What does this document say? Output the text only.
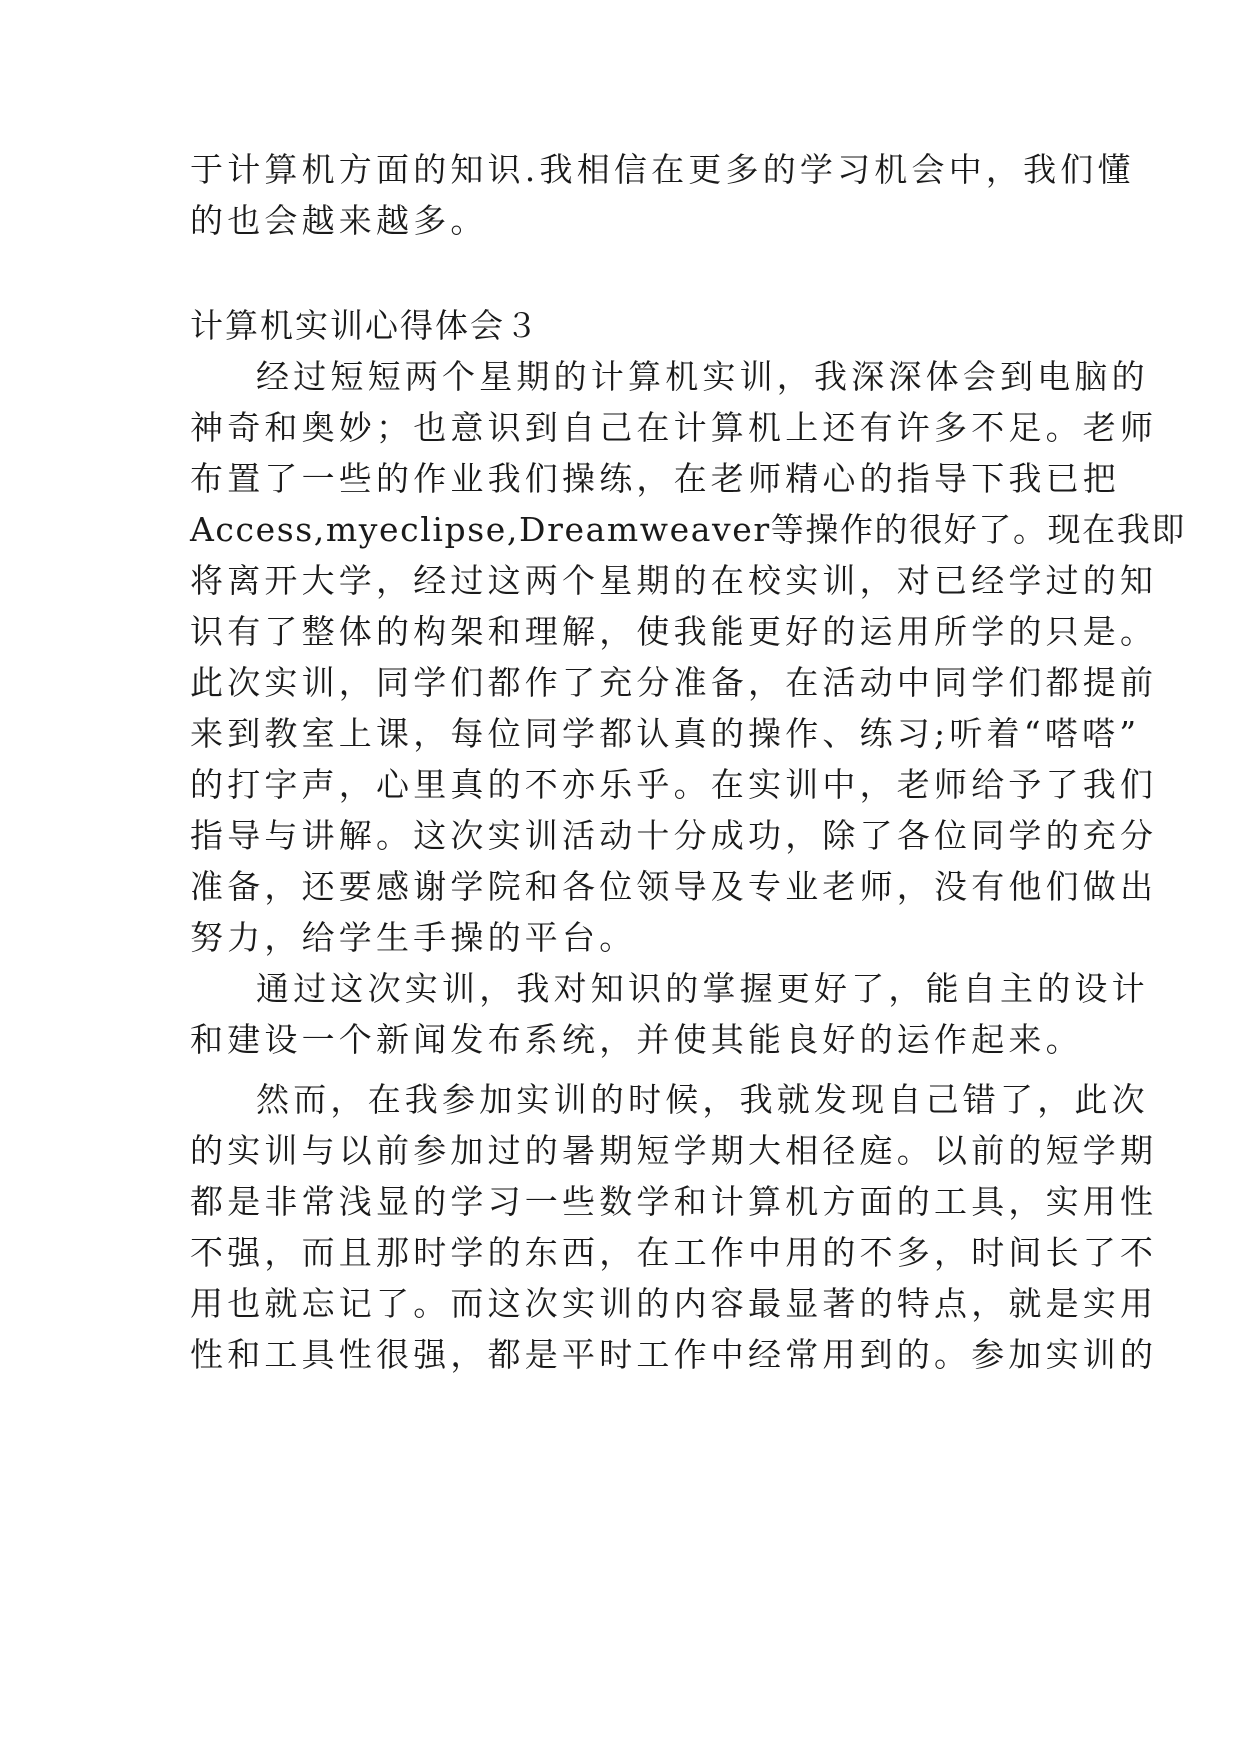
于计算机方面的知识.我相信在更多的学习机会中，我们懂
的也会越来越多。
计算机实训心得体会３
经过短短两个星期的计算机实训，我深深体会到电脑的
神奇和奥妙；也意识到自己在计算机上还有许多不足。老师
布置了一些的作业我们操练，在老师精心的指导下我已把
Access,myeclipse,Dreamweaver等操作的很好了。现在我即
将离开大学，经过这两个星期的在校实训，对已经学过的知
识有了整体的构架和理解，使我能更好的运用所学的只是。
此次实训，同学们都作了充分准备，在活动中同学们都提前
来到教室上课，每位同学都认真的操作、练习;听着“嗒嗒”
的打字声，心里真的不亦乐乎。在实训中，老师给予了我们
指导与讲解。这次实训活动十分成功，除了各位同学的充分
准备，还要感谢学院和各位领导及专业老师，没有他们做出
努力，给学生手操的平台。
通过这次实训，我对知识的掌握更好了，能自主的设计
和建设一个新闻发布系统，并使其能良好的运作起来。
然而，在我参加实训的时候，我就发现自己错了，此次
的实训与以前参加过的暑期短学期大相径庭。以前的短学期
都是非常浅显的学习一些数学和计算机方面的工具，实用性
不强，而且那时学的东西，在工作中用的不多，时间长了不
用也就忘记了。而这次实训的内容最显著的特点，就是实用
性和工具性很强，都是平时工作中经常用到的。参加实训的
